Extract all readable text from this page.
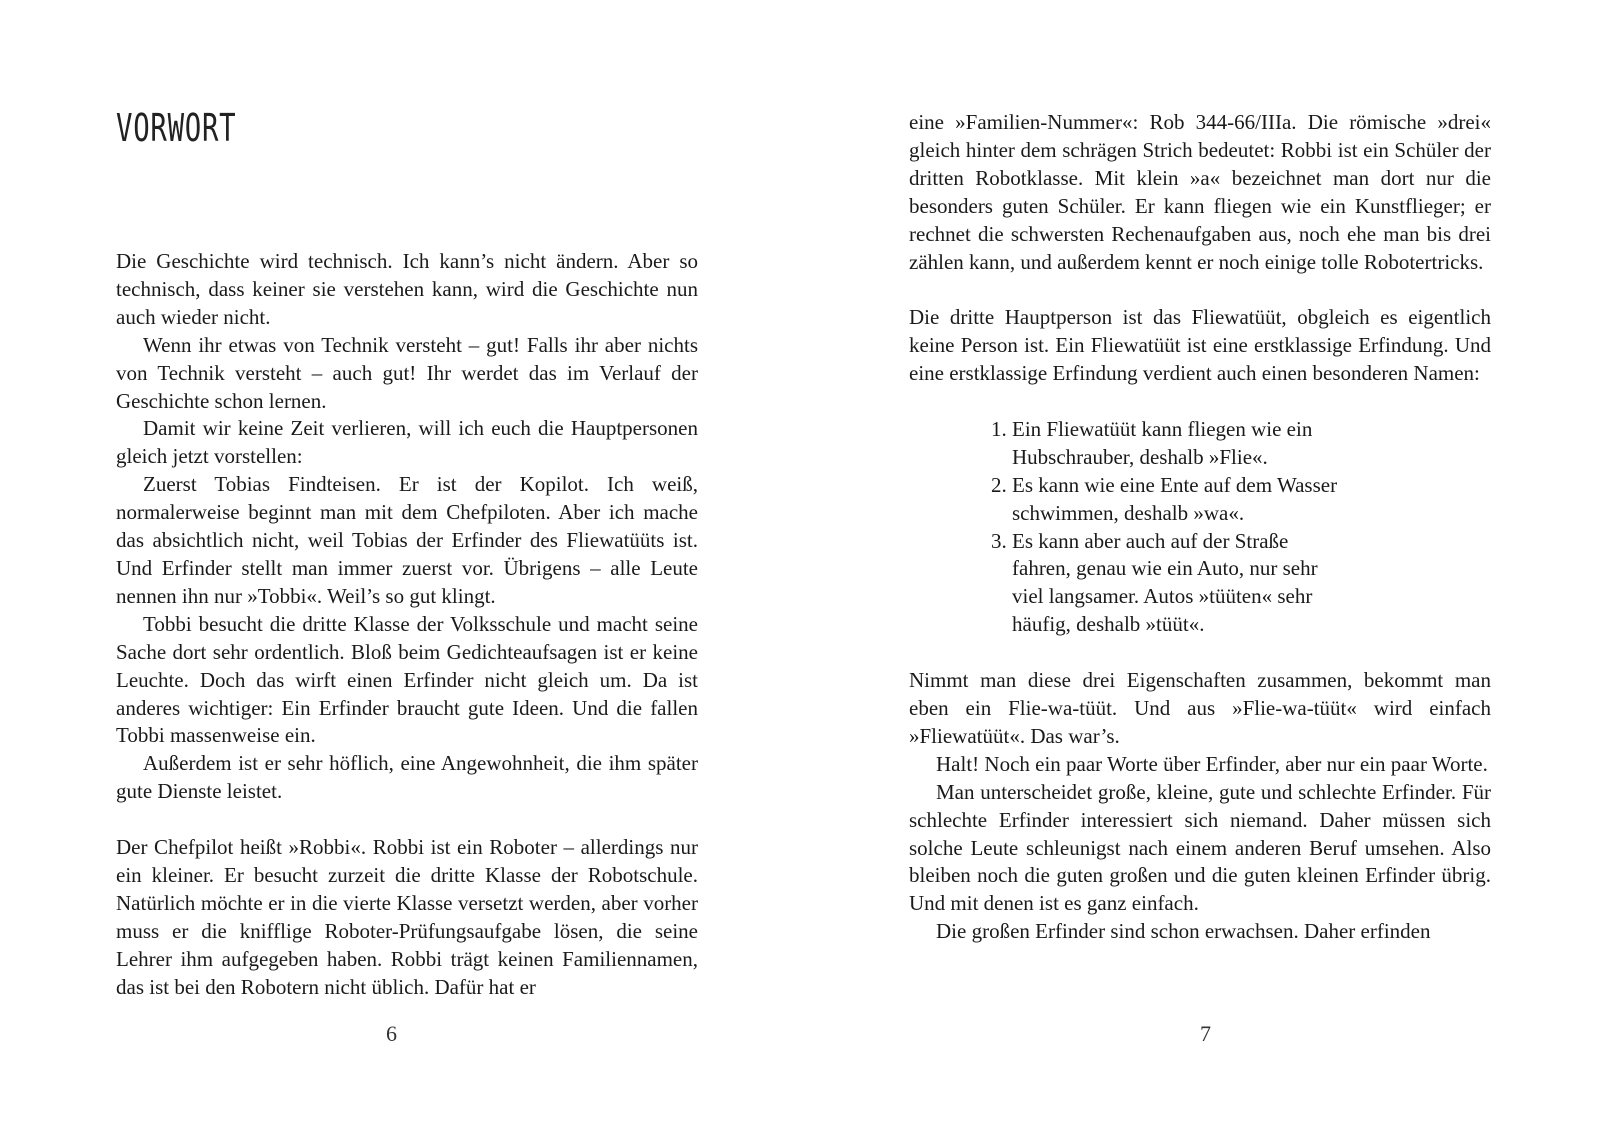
VORWORT

Die Geschichte wird technisch. Ich kann’s nicht ändern. Aber so technisch, dass keiner sie verstehen kann, wird die Geschichte nun auch wieder nicht.

Wenn ihr etwas von Technik versteht – gut! Falls ihr aber nichts von Technik versteht – auch gut! Ihr werdet das im Verlauf der Geschichte schon lernen.

Damit wir keine Zeit verlieren, will ich euch die Hauptpersonen gleich jetzt vorstellen:

Zuerst Tobias Findteisen. Er ist der Kopilot. Ich weiß, normalerweise beginnt man mit dem Chefpiloten. Aber ich mache das absichtlich nicht, weil Tobias der Erfinder des Fliewatüüts ist. Und Erfinder stellt man immer zuerst vor. Übrigens – alle Leute nennen ihn nur »Tobbi«. Weil’s so gut klingt.

Tobbi besucht die dritte Klasse der Volksschule und macht seine Sache dort sehr ordentlich. Bloß beim Gedichteaufsagen ist er keine Leuchte. Doch das wirft einen Erfinder nicht gleich um. Da ist anderes wichtiger: Ein Erfinder braucht gute Ideen. Und die fallen Tobbi massenweise ein.

Außerdem ist er sehr höflich, eine Angewohnheit, die ihm später gute Dienste leistet.

Der Chefpilot heißt »Robbi«. Robbi ist ein Roboter – allerdings nur ein kleiner. Er besucht zurzeit die dritte Klasse der Robotschule. Natürlich möchte er in die vierte Klasse versetzt werden, aber vorher muss er die knifflige Roboter-Prüfungsaufgabe lösen, die seine Lehrer ihm aufgegeben haben. Robbi trägt keinen Familiennamen, das ist bei den Robotern nicht üblich. Dafür hat er

6

eine »Familien-Nummer«: Rob 344-66/IIIa. Die römische »drei« gleich hinter dem schrägen Strich bedeutet: Robbi ist ein Schüler der dritten Robotklasse. Mit klein »a« bezeichnet man dort nur die besonders guten Schüler. Er kann fliegen wie ein Kunstflieger; er rechnet die schwersten Rechenaufgaben aus, noch ehe man bis drei zählen kann, und außerdem kennt er noch einige tolle Robotertricks.

Die dritte Hauptperson ist das Fliewatüüt, obgleich es eigentlich keine Person ist. Ein Fliewatüüt ist eine erstklassige Erfindung. Und eine erstklassige Erfindung verdient auch einen besonderen Namen:

1 . Ein Fliewatüüt kann fliegen wie ein Hubschrauber, deshalb »Flie«.
2 . Es kann wie eine Ente auf dem Wasser schwimmen, deshalb »wa«.
3 . Es kann aber auch auf der Straße fahren, genau wie ein Auto, nur sehr viel langsamer. Autos »tüüten« sehr häufig, deshalb »tüüt«.

Nimmt man diese drei Eigenschaften zusammen, bekommt man eben ein Flie-wa-tüüt. Und aus »Flie-wa-tüüt« wird einfach »Fliewatüüt«. Das war’s.

Halt! Noch ein paar Worte über Erfinder, aber nur ein paar Worte.

Man unterscheidet große, kleine, gute und schlechte Erfinder. Für schlechte Erfinder interessiert sich niemand. Daher müssen sich solche Leute schleunigst nach einem anderen Beruf umsehen. Also bleiben noch die guten großen und die guten kleinen Erfinder übrig. Und mit denen ist es ganz einfach.

Die großen Erfinder sind schon erwachsen. Daher erfinden

7
